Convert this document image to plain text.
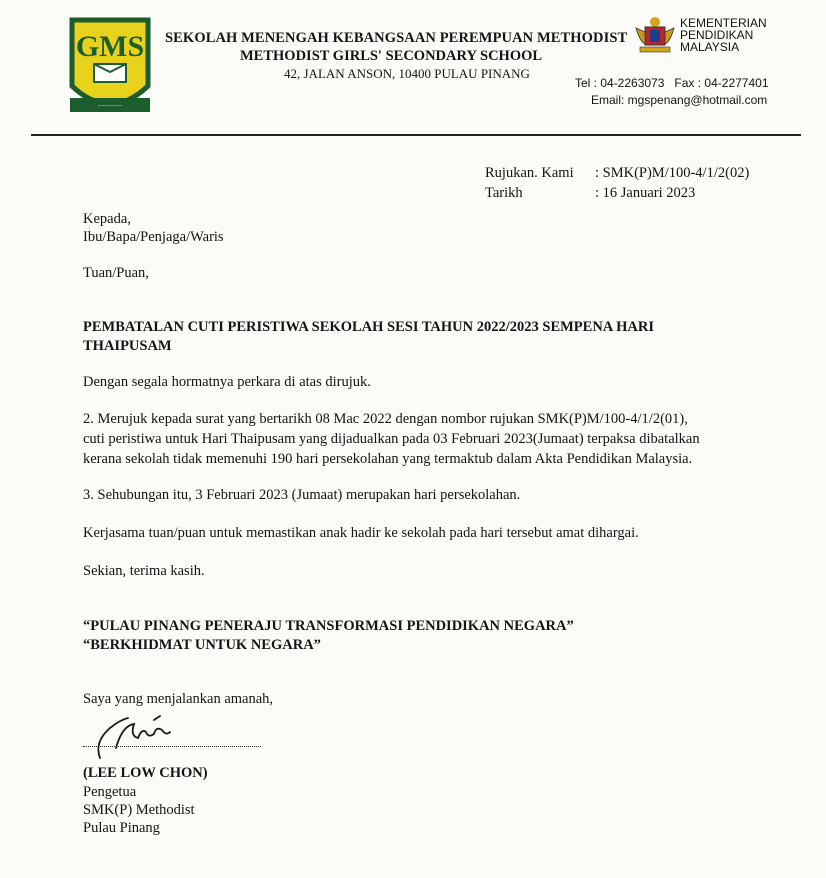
GMS
~~~~~~
SEKOLAH MENENGAH KEBANGSAAN PEREMPUAN METHODIST
METHODIST GIRLS' SECONDARY SCHOOL
42, JALAN ANSON, 10400 PULAU PINANG
KEMENTERIAN
PENDIDIKAN
MALAYSIA
Tel : 04-2263073 Fax : 04-2277401
Email: mgspenang@hotmail.com
Rujukan. Kami : SMK(P)M/100-4/1/2(02)
Tarikh	: 16 Januari 2023
Kepada,
Ibu/Bapa/Penjaga/Waris
Tuan/Puan,
PEMBATALAN CUTI PERISTIWA SEKOLAH SESI TAHUN 2022/2023 SEMPENA HARI
THAIPUSAM
Dengan segala hormatnya perkara di atas dirujuk.
2. Merujuk kepada surat yang bertarikh 08 Mac 2022 dengan nombor rujukan SMK(P)M/100-4/1/2(01),
cuti peristiwa untuk Hari Thaipusam yang dijadualkan pada 03 Februari 2023(Jumaat) terpaksa dibatalkan
kerana sekolah tidak memenuhi 190 hari persekolahan yang termaktub dalam Akta Pendidikan Malaysia.
3. Sehubungan itu, 3 Februari 2023 (Jumaat) merupakan hari persekolahan.
Kerjasama tuan/puan untuk memastikan anak hadir ke sekolah pada hari tersebut amat dihargai.
Sekian, terima kasih.
“PULAU PINANG PENERAJU TRANSFORMASI PENDIDIKAN NEGARA”
“BERKHIDMAT UNTUK NEGARA”
Saya yang menjalankan amanah,
(LEE LOW CHON)
Pengetua
SMK(P) Methodist
Pulau Pinang
